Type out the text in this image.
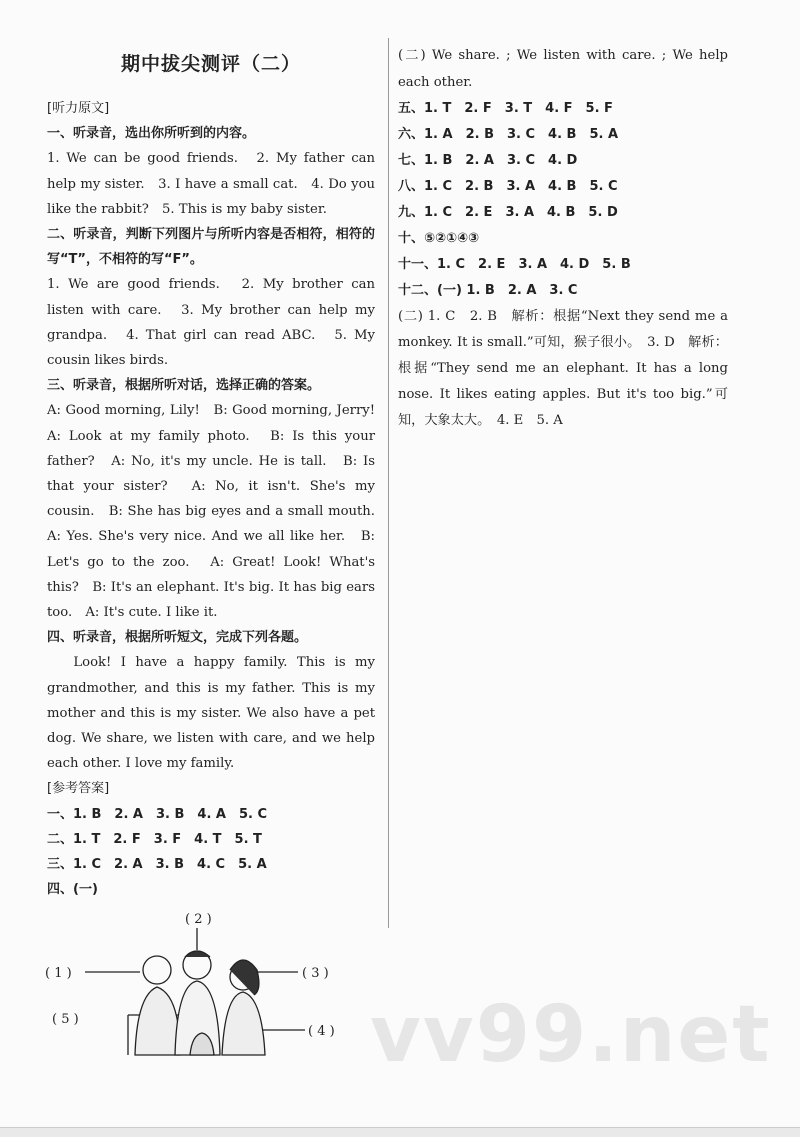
期中拔尖测评（二）

[听力原文]

一、听录音，选出你所听到的内容。

1. We can be good friends.　2. My father can help my sister.　3. I have a small cat.　4. Do you like the rabbit?　5. This is my baby sister.

二、听录音，判断下列图片与所听内容是否相符，相符的写“T”，不相符的写“F”。

1. We are good friends.　2. My brother can listen with care.　3. My brother can help my grandpa.　4. That girl can read ABC.　5. My cousin likes birds.

三、听录音，根据所听对话，选择正确的答案。

A: Good morning, Lily!　B: Good morning, Jerry!　A: Look at my family photo.　B: Is this your father?　A: No, it's my uncle. He is tall.　B: Is that your sister?　A: No, it isn't. She's my cousin.　B: She has big eyes and a small mouth.　A: Yes. She's very nice. And we all like her.　B: Let's go to the zoo.　A: Great! Look! What's this?　B: It's an elephant. It's big. It has big ears too.　A: It's cute. I like it.

四、听录音，根据所听短文，完成下列各题。

Look! I have a happy family. This is my grandmother, and this is my father. This is my mother and this is my sister. We also have a pet dog. We share, we listen with care, and we help each other. I love my family.

[参考答案]

一、1. B　2. A　3. B　4. A　5. C

二、1. T　2. F　3. F　4. T　5. T

三、1. C　2. A　3. B　4. C　5. A

四、(一)

( 2 )
( 1 )	( 3 )
( 4 )
( 5 )

(二) We share. ; We listen with care. ; We help each other.

五、1. T　2. F　3. T　4. F　5. F

六、1. A　2. B　3. C　4. B　5. A

七、1. B　2. A　3. C　4. D

八、1. C　2. B　3. A　4. B　5. C

九、1. C　2. E　3. A　4. B　5. D

十、⑤②①④③

十一、1. C　2. E　3. A　4. D　5. B

十二、(一) 1. B　2. A　3. C

(二) 1. C　2. B　解析：根据“Next they send me a monkey. It is small.”可知，猴子很小。　3. D　解析：根据“They send me an elephant. It has a long nose. It likes eating apples. But it's too big.”可知，大象太大。　4. E　5. A

vv99.net
